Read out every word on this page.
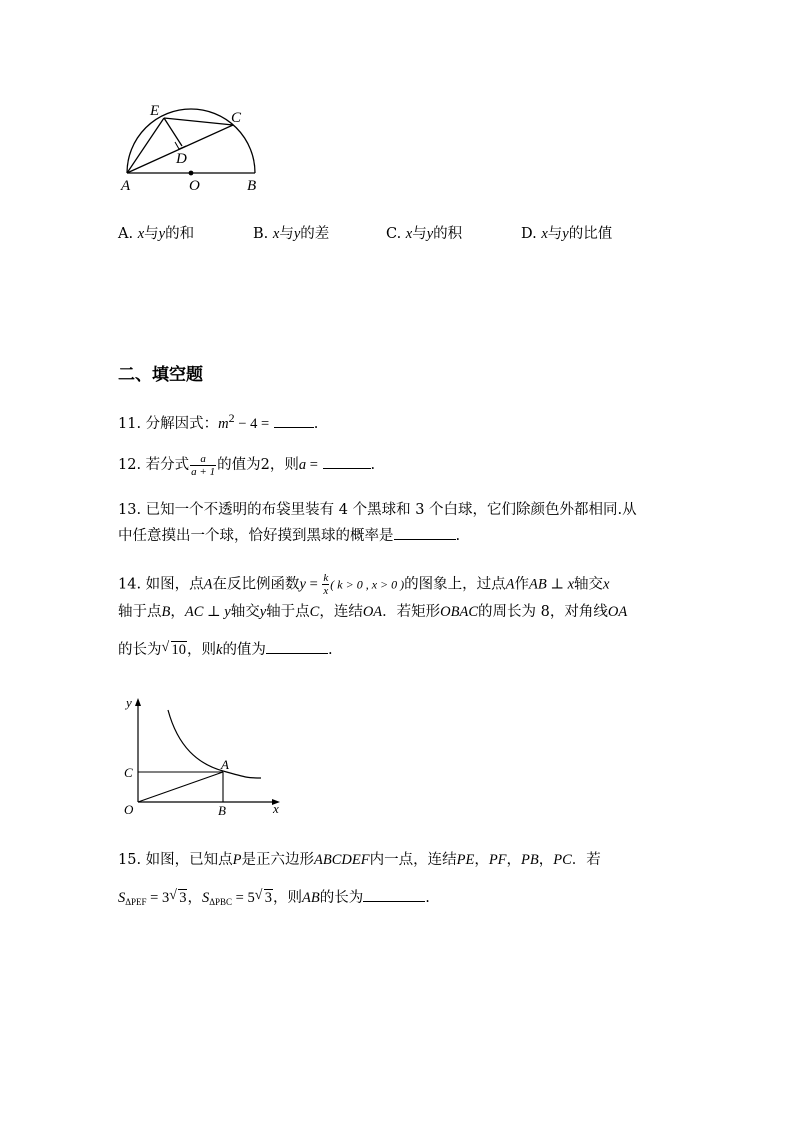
E	C
D
A	O	B
A. x与y的和	B. x与y的差	C. x与y的积	D. x与y的比值
二、填空题
11. 分解因式：$m^2 - 4$ =	.
12. 若分式 $\frac{a}{a + 1}$ 的值为2，则a =	.
13. 已知一个不透明的布袋里装有 4 个黑球和 3 个白球，它们除颜色外都相同.从
中任意摸出一个球，恰好摸到黑球的概率是	.
14. 如图，点A在反比例函数$y = \frac{k}{x}$ ( k > 0 , x > 0 )的图象上，过点A作AB ⊥ x轴交x
轴于点B，AC ⊥ y轴交y轴于点C，连结OA．若矩形OBAC的周长为 8，对角线OA
的长为 √ 10，则k的值为	.
y
C
A
O	B	x
15. 如图，已知点P是正六边形ABCDEF内一点，连结PE，PF，PB，PC．若
$S_{\Delta PEF} = 3$ √ 3，$S_{\Delta PBC} = 5$ √ 3，则AB的长为	.
